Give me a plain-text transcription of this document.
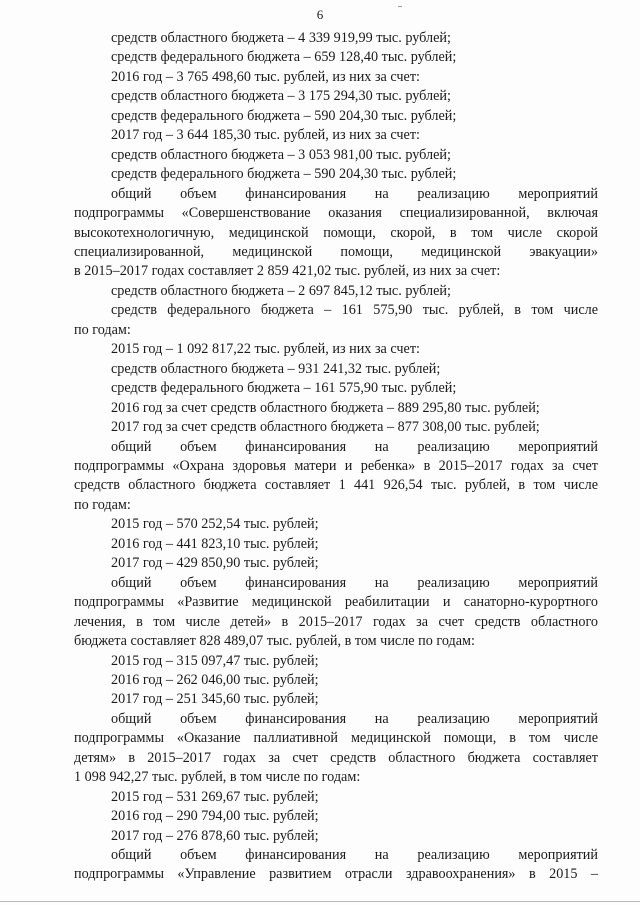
6

средств областного бюджета – 4 339 919,99 тыс. рублей;

средств федерального бюджета – 659 128,40 тыс. рублей;

2016 год – 3 765 498,60 тыс. рублей, из них за счет:

средств областного бюджета – 3 175 294,30 тыс. рублей;

средств федерального бюджета – 590 204,30 тыс. рублей;

2017 год – 3 644 185,30 тыс. рублей, из них за счет:

средств областного бюджета – 3 053 981,00 тыс. рублей;

средств федерального бюджета – 590 204,30 тыс. рублей;

общий объем финансирования на реализацию мероприятий

подпрограммы «Совершенствование оказания специализированной, включая

высокотехнологичную, медицинской помощи, скорой, в том числе скорой

специализированной, медицинской помощи, медицинской эвакуации»

в 2015–2017 годах составляет 2 859 421,02 тыс. рублей, из них за счет:

средств областного бюджета – 2 697 845,12 тыс. рублей;

средств федерального бюджета – 161 575,90 тыс. рублей, в том числе

по годам:

2015 год – 1 092 817,22 тыс. рублей, из них за счет:

средств областного бюджета – 931 241,32 тыс. рублей;

средств федерального бюджета – 161 575,90 тыс. рублей;

2016 год за счет средств областного бюджета – 889 295,80 тыс. рублей;

2017 год за счет средств областного бюджета – 877 308,00 тыс. рублей;

общий объем финансирования на реализацию мероприятий

подпрограммы «Охрана здоровья матери и ребенка» в 2015–2017 годах за счет

средств областного бюджета составляет 1 441 926,54 тыс. рублей, в том числе

по годам:

2015 год – 570 252,54 тыс. рублей;

2016 год – 441 823,10 тыс. рублей;

2017 год – 429 850,90 тыс. рублей;

общий объем финансирования на реализацию мероприятий

подпрограммы «Развитие медицинской реабилитации и санаторно-курортного

лечения, в том числе детей» в 2015–2017 годах за счет средств областного

бюджета составляет 828 489,07 тыс. рублей, в том числе по годам:

2015 год – 315 097,47 тыс. рублей;

2016 год – 262 046,00 тыс. рублей;

2017 год – 251 345,60 тыс. рублей;

общий объем финансирования на реализацию мероприятий

подпрограммы «Оказание паллиативной медицинской помощи, в том числе

детям» в 2015–2017 годах за счет средств областного бюджета составляет

1 098 942,27 тыс. рублей, в том числе по годам:

2015 год – 531 269,67 тыс. рублей;

2016 год – 290 794,00 тыс. рублей;

2017 год – 276 878,60 тыс. рублей;

общий объем финансирования на реализацию мероприятий

подпрограммы «Управление развитием отрасли здравоохранения» в 2015 –
